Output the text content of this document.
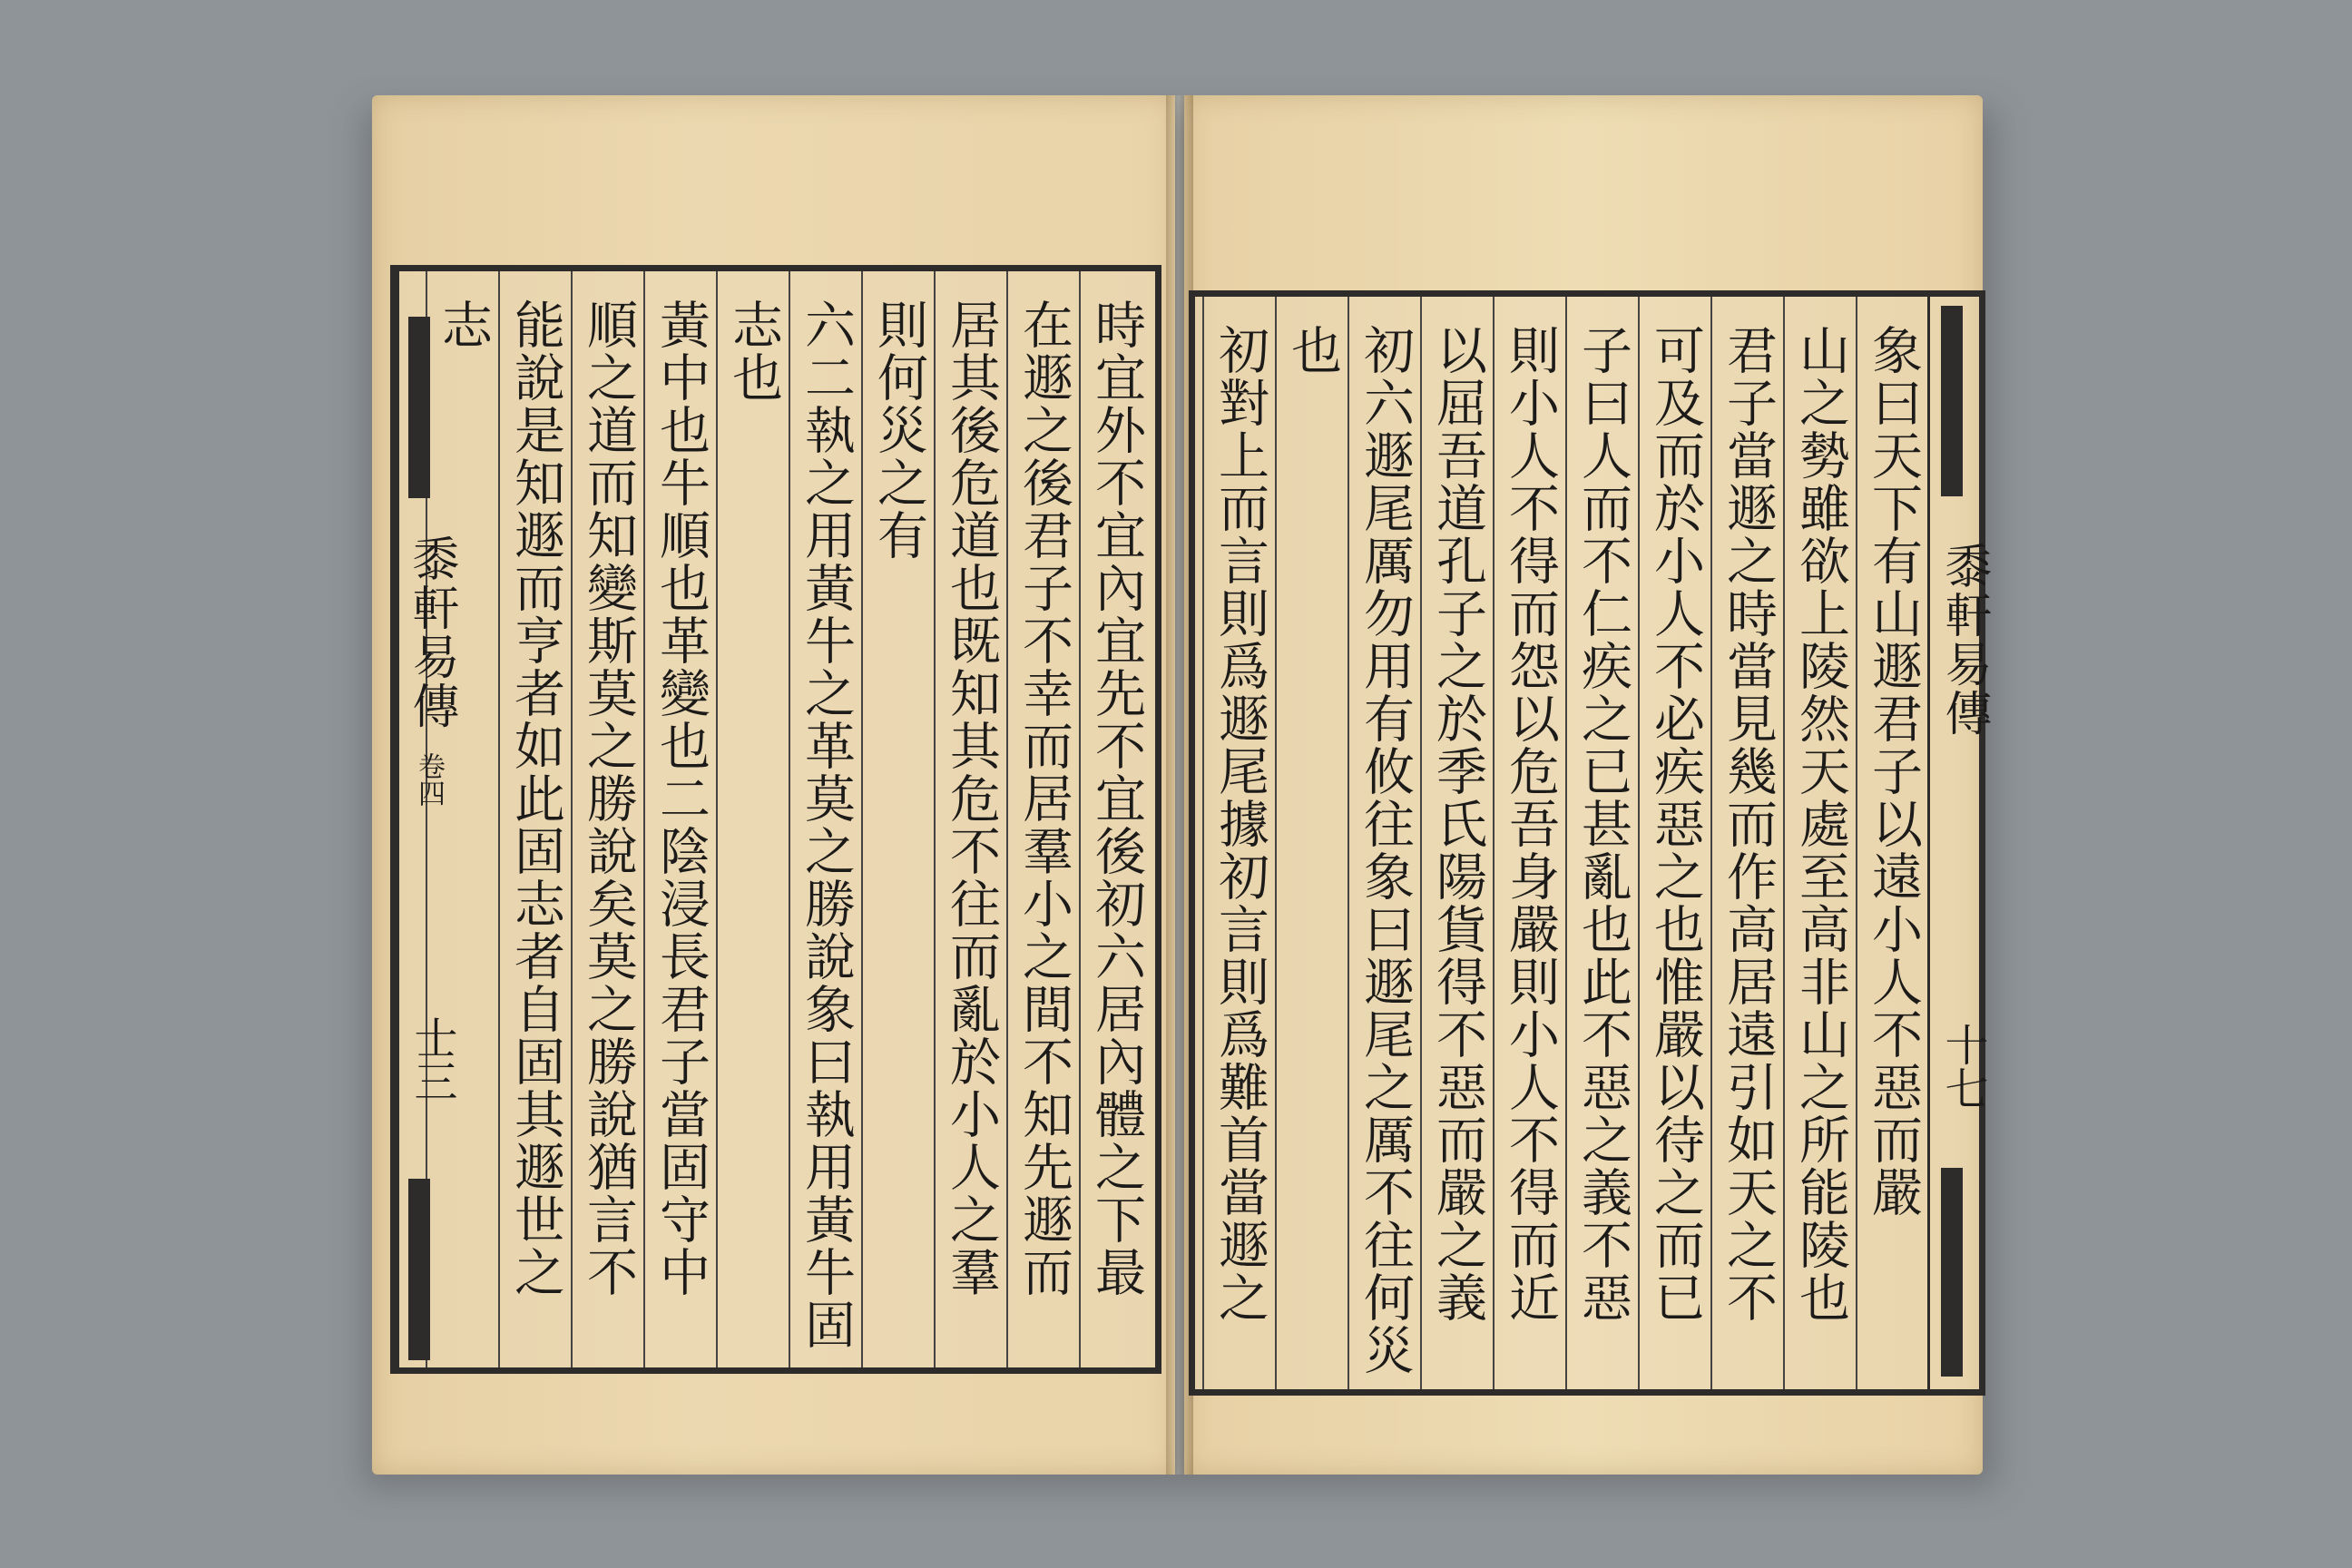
時宜外不宜內宜先不宜後初六居內體之下最
在遯之後君子不幸而居羣小之間不知先遯而
居其後危道也既知其危不往而亂於小人之羣
則何災之有
六二執之用黃牛之革莫之勝說象曰執用黃牛固
志也
黃中也牛順也革變也二陰浸長君子當固守中
順之道而知變斯莫之勝說矣莫之勝說猶言不
能說是知遯而亨者如此固志者自固其遯世之
志
黍軒易傳
卷四
士三
黍軒易傳
十七
象曰天下有山遯君子以遠小人不惡而嚴
山之勢雖欲上陵然天處至高非山之所能陵也
君子當遯之時當見幾而作高居遠引如天之不
可及而於小人不必疾惡之也惟嚴以待之而已
子曰人而不仁疾之已甚亂也此不惡之義不惡
則小人不得而怨以危吾身嚴則小人不得而近
以屈吾道孔子之於季氏陽貨得不惡而嚴之義
初六遯尾厲勿用有攸往象曰遯尾之厲不往何災
也
初對上而言則爲遯尾據初言則爲難首當遯之
